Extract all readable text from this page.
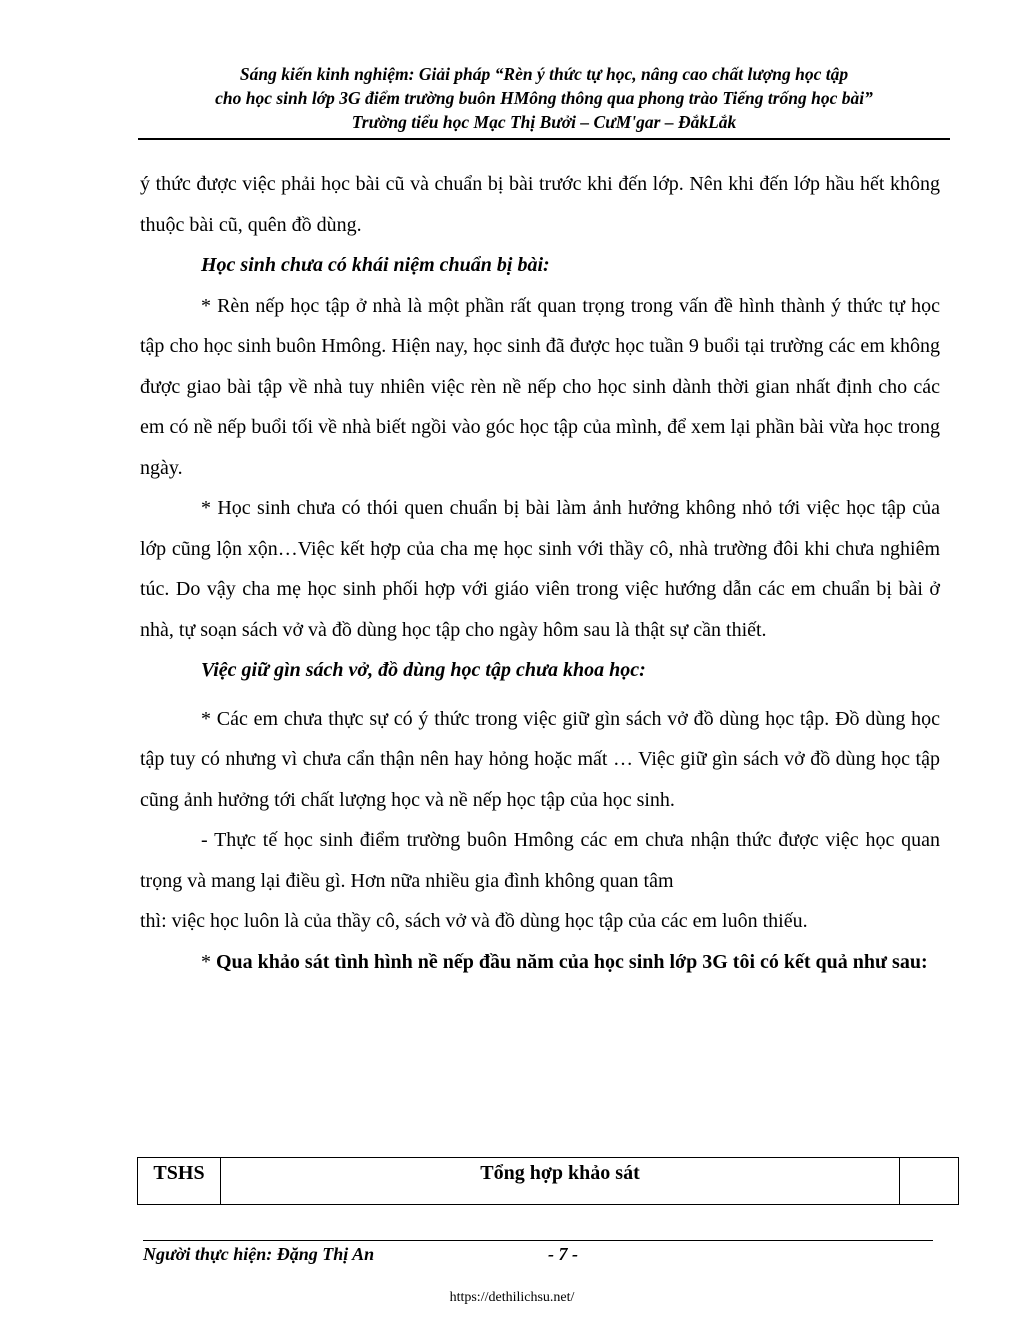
Sáng kiến kinh nghiệm: Giải pháp “Rèn ý thức tự học, nâng cao chất lượng học tập
cho học sinh lớp 3G điểm trường buôn HMông thông qua phong trào Tiếng trống học bài”
Trường tiểu học Mạc Thị Bưởi – CưM'gar – ĐắkLắk

ý thức được việc phải học bài cũ và chuẩn bị bài trước khi đến lớp. Nên khi đến lớp hầu hết không thuộc bài cũ, quên đồ dùng.

Học sinh chưa có khái niệm chuẩn bị bài:

* Rèn nếp học tập ở nhà là một phần rất quan trọng trong vấn đề hình thành ý thức tự học tập cho học sinh buôn Hmông. Hiện nay, học sinh đã được học tuần 9 buổi tại trường các em không được giao bài tập về nhà tuy nhiên việc rèn nề nếp cho học sinh dành thời gian nhất định cho các em có nề nếp buổi tối về nhà biết ngồi vào góc học tập của mình, để xem lại phần bài vừa học trong ngày.

* Học sinh chưa có thói quen chuẩn bị bài làm ảnh hưởng không nhỏ tới việc học tập của lớp cũng lộn xộn…Việc kết hợp của cha mẹ học sinh với thầy cô, nhà trường đôi khi chưa nghiêm túc. Do vậy cha mẹ học sinh phối hợp với giáo viên trong việc hướng dẫn các em chuẩn bị bài ở nhà, tự soạn sách vở và đồ dùng học tập cho ngày hôm sau là thật sự cần thiết.

Việc giữ gìn sách vở, đồ dùng học tập chưa khoa học:

* Các em chưa thực sự có ý thức trong việc giữ gìn sách vở đồ dùng học tập. Đồ dùng học tập tuy có nhưng vì chưa cẩn thận nên hay hỏng hoặc mất … Việc giữ gìn sách vở đồ dùng học tập cũng ảnh hưởng tới chất lượng học và nề nếp học tập của học sinh.

- Thực tế học sinh điểm trường buôn Hmông các em chưa nhận thức được việc học quan trọng và mang lại điều gì. Hơn nữa nhiều gia đình không quan tâm

thì: việc học luôn là của thầy cô, sách vở và đồ dùng học tập của các em luôn thiếu.

* Qua khảo sát tình hình nề nếp đầu năm của học sinh lớp 3G tôi có kết quả như sau:

TSHS	Tổng hợp khảo sát	
Người thực hiện: Đặng Thị An	- 7 -
https://dethilichsu.net/
